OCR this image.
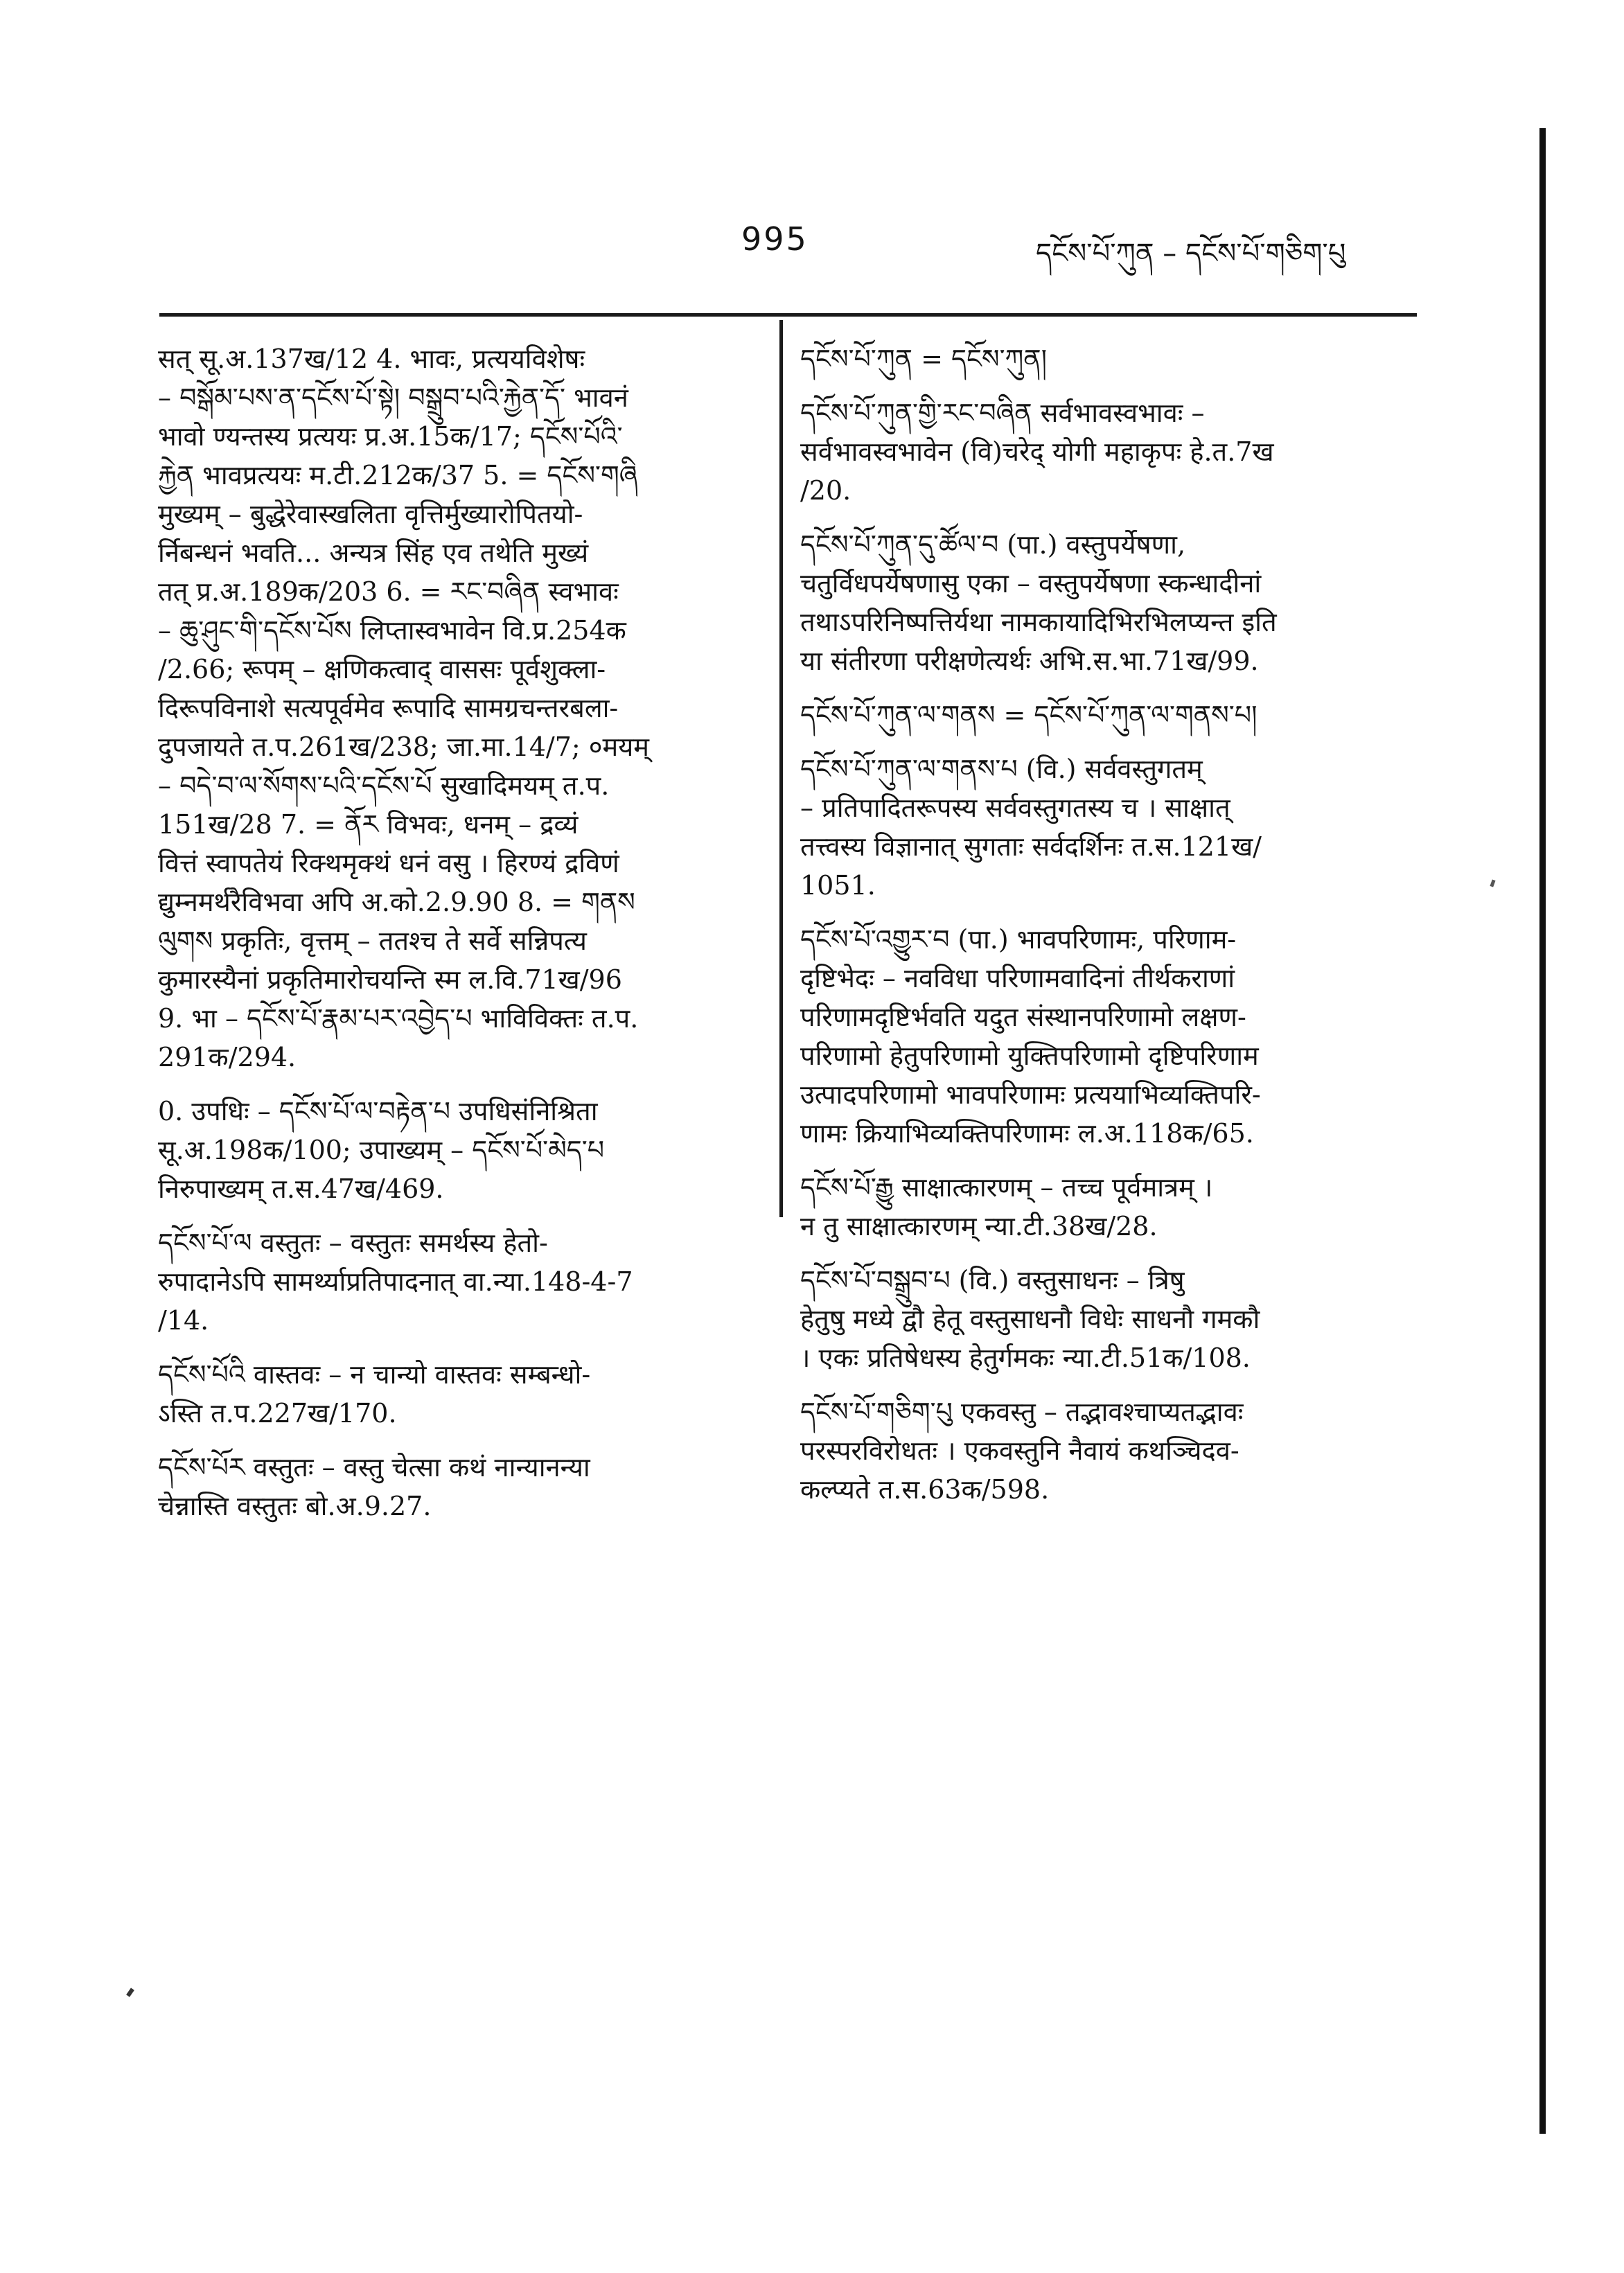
995	དངོས་པོ་ཀུན – དངོས་པོ་གཅིག་པུ
सत् सू.अ.137ख/12 4. भावः, प्रत्ययविशेषः
– བསྒོམ་པས་ན་དངོས་པོ་སྟེ། བསྒྲུབ་པའི་རྐྱེན་དོ་ भावनं
भावो ण्यन्तस्य प्रत्ययः प्र.अ.15क/17; དངོས་པོའི་
རྐྱེན भावप्रत्ययः म.टी.212क/37 5. = དངོས་གཞི
मुख्यम् – बुद्धेरेवास्खलिता वृत्तिर्मुख्यारोपितयो-
र्निबन्धनं भवति... अन्यत्र सिंह एव तथेति मुख्यं
तत् प्र.अ.189क/203 6. = རང་བཞིན स्वभावः
– ཆུ་ཤུང་གི་དངོས་པོས लिप्तास्वभावेन वि.प्र.254क
/2.66; रूपम् – क्षणिकत्वाद् वाससः पूर्वशुक्ला-
दिरूपविनाशे सत्यपूर्वमेव रूपादि सामग्रचन्तरबला-
दुपजायते त.प.261ख/238; जा.मा.14/7; ०मयम्
– བདེ་བ་ལ་སོགས་པའི་དངོས་པོ सुखादिमयम् त.प.
151ख/28 7. = ནོར विभवः, धनम् – द्रव्यं
वित्तं स्वापतेयं रिक्थमृक्थं धनं वसु । हिरण्यं द्रविणं
द्युम्नमर्थरैविभवा अपि अ.को.2.9.90 8. = གནས
ལུགས प्रकृतिः, वृत्तम् – ततश्च ते सर्वे सन्निपत्य
कुमारस्यैनां प्रकृतिमारोचयन्ति स्म ल.वि.71ख/96
9. भा – དངོས་པོ་རྣམ་པར་འབྱེད་པ भाविविक्तः त.प.
291क/294.
0. उपधिः – དངོས་པོ་ལ་བརྟེན་པ उपधिसंनिश्रिता
सू.अ.198क/100; उपाख्यम् – དངོས་པོ་མེད་པ
निरुपाख्यम् त.स.47ख/469.
དངོས་པོ་ལ वस्तुतः – वस्तुतः समर्थस्य हेतो-
रुपादानेऽपि सामर्थ्याप्रतिपादनात् वा.न्या.148-4-7
/14.
དངོས་པོའི वास्तवः – न चान्यो वास्तवः सम्बन्धो-
ऽस्ति त.प.227ख/170.
དངོས་པོར वस्तुतः – वस्तु चेत्सा कथं नान्यानन्या
चेन्नास्ति वस्तुतः बो.अ.9.27.
དངོས་པོ་ཀུན = དངོས་ཀུན།
དངོས་པོ་ཀུན་གྱི་རང་བཞིན सर्वभावस्वभावः –
सर्वभावस्वभावेन (वि)चरेद् योगी महाकृपः हे.त.7ख
/20.
དངོས་པོ་ཀུན་དུ་ཚོལ་བ (पा.) वस्तुपर्येषणा,
चतुर्विधपर्येषणासु एका – वस्तुपर्येषणा स्कन्धादीनां
तथाऽपरिनिष्पत्तिर्यथा नामकायादिभिरभिलप्यन्त इति
या संतीरणा परीक्षणेत्यर्थः अभि.स.भा.71ख/99.
དངོས་པོ་ཀུན་ལ་གནས = དངོས་པོ་ཀུན་ལ་གནས་པ།
དངོས་པོ་ཀུན་ལ་གནས་པ (वि.) सर्ववस्तुगतम्
– प्रतिपादितरूपस्य सर्ववस्तुगतस्य च । साक्षात्
तत्त्वस्य विज्ञानात् सुगताः सर्वदर्शिनः त.स.121ख/
1051.
དངོས་པོ་འགྱུར་བ (पा.) भावपरिणामः, परिणाम-
दृष्टिभेदः – नवविधा परिणामवादिनां तीर्थकराणां
परिणामदृष्टिर्भवति यदुत संस्थानपरिणामो लक्षण-
परिणामो हेतुपरिणामो युक्तिपरिणामो दृष्टिपरिणाम
उत्पादपरिणामो भावपरिणामः प्रत्ययाभिव्यक्तिपरि-
णामः क्रियाभिव्यक्तिपरिणामः ल.अ.118क/65.
དངོས་པོ་རྒྱུ साक्षात्कारणम् – तच्च पूर्वमात्रम् ।
न तु साक्षात्कारणम् न्या.टी.38ख/28.
དངོས་པོ་བསྒྲུབ་པ (वि.) वस्तुसाधनः – त्रिषु
हेतुषु मध्ये द्वौ हेतू वस्तुसाधनौ विधेः साधनौ गमकौ
। एकः प्रतिषेधस्य हेतुर्गमकः न्या.टी.51क/108.
དངོས་པོ་གཅིག་པུ एकवस्तु – तद्भावश्चाप्यतद्भावः
परस्परविरोधतः । एकवस्तुनि नैवायं कथञ्चिदव-
कल्प्यते त.स.63क/598.
